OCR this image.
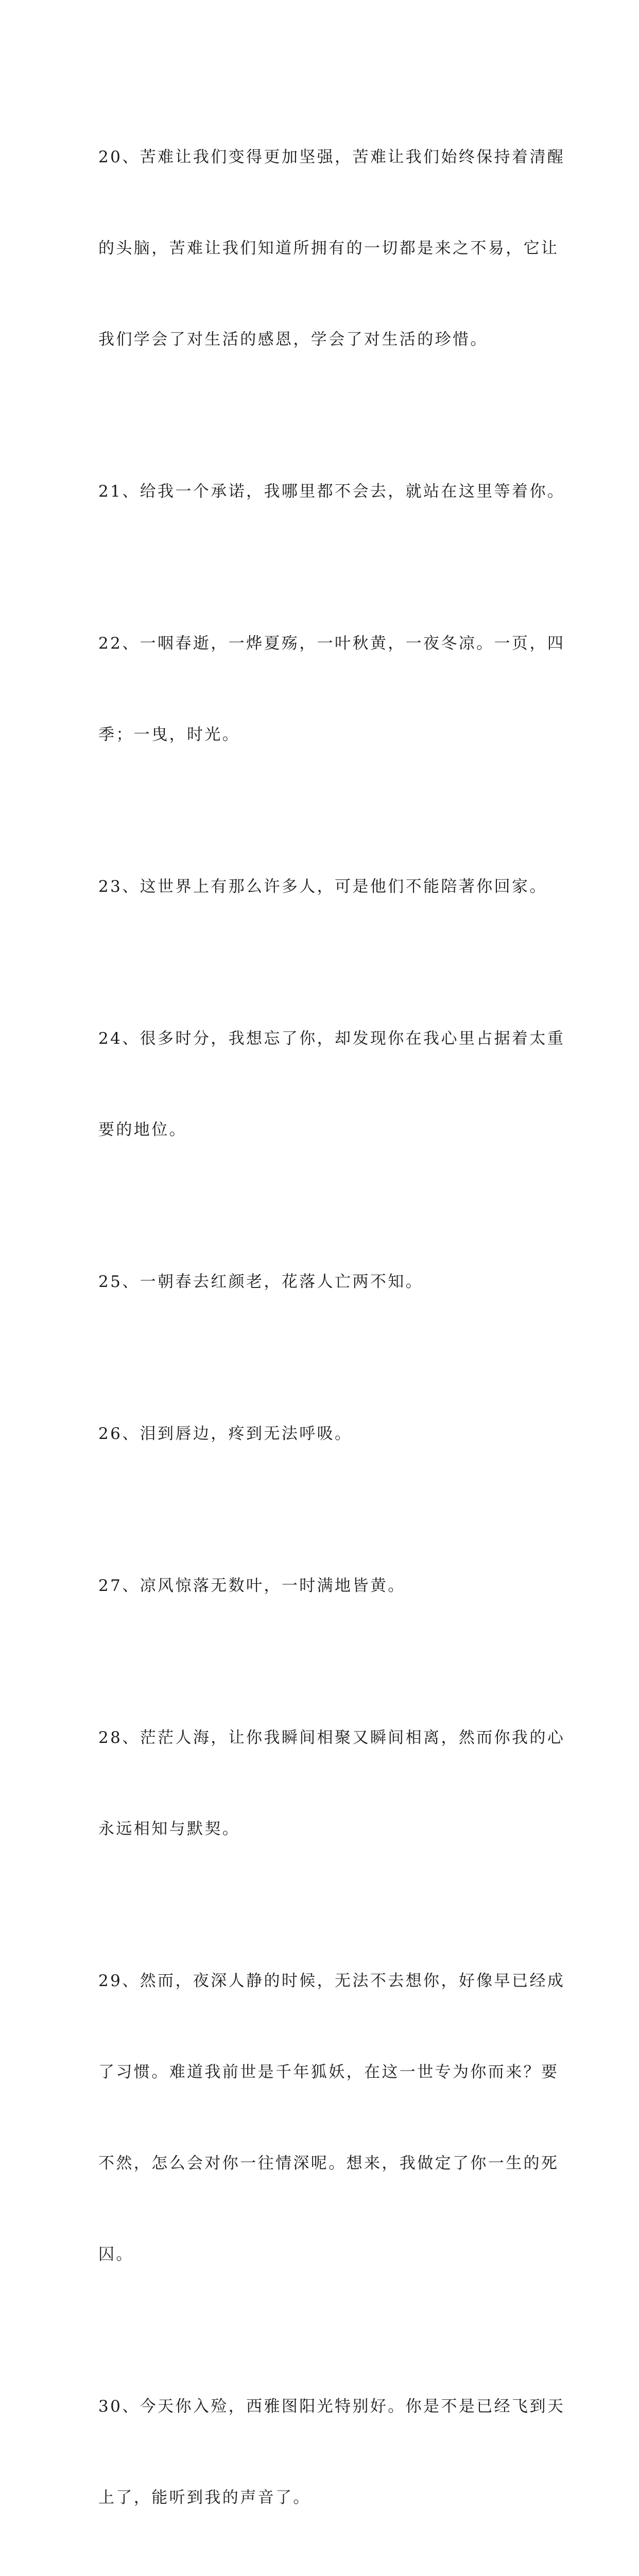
20、苦难让我们变得更加坚强，苦难让我们始终保持着清醒

的头脑，苦难让我们知道所拥有的一切都是来之不易，它让

我们学会了对生活的感恩，学会了对生活的珍惜。

21、给我一个承诺，我哪里都不会去，就站在这里等着你。

22、一咽春逝，一烨夏殇，一叶秋黄，一夜冬凉。一页，四

季；一曳，时光。

23、这世界上有那么许多人，可是他们不能陪著你回家。

24、很多时分，我想忘了你，却发现你在我心里占据着太重

要的地位。

25、一朝春去红颜老，花落人亡两不知。

26、泪到唇边，疼到无法呼吸。

27、凉风惊落无数叶，一时满地皆黄。

28、茫茫人海，让你我瞬间相聚又瞬间相离，然而你我的心

永远相知与默契。

29、然而，夜深人静的时候，无法不去想你，好像早已经成

了习惯。难道我前世是千年狐妖，在这一世专为你而来？要

不然，怎么会对你一往情深呢。想来，我做定了你一生的死

囚。

30、今天你入殓，西雅图阳光特别好。你是不是已经飞到天

上了，能听到我的声音了。
